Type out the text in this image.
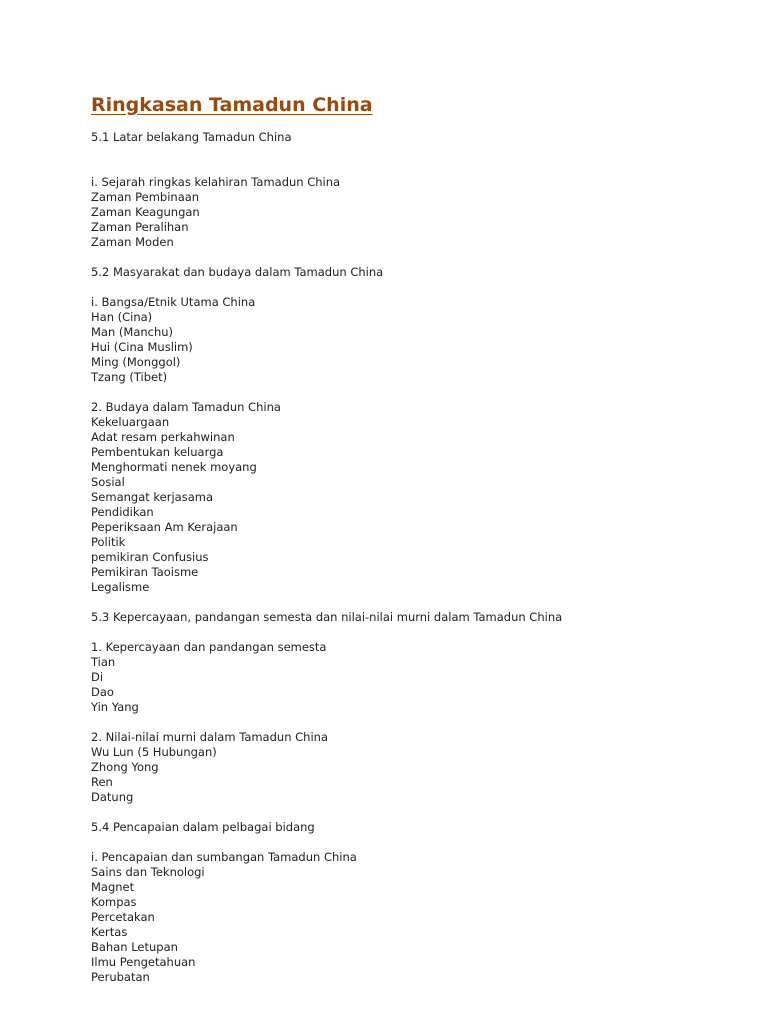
Ringkasan Tamadun China
5.1 Latar belakang Tamadun China
i. Sejarah ringkas kelahiran Tamadun China
Zaman Pembinaan
Zaman Keagungan
Zaman Peralihan
Zaman Moden
5.2 Masyarakat dan budaya dalam Tamadun China
i. Bangsa/Etnik Utama China
Han (Cina)
Man (Manchu)
Hui (Cina Muslim)
Ming (Monggol)
Tzang (Tibet)
2. Budaya dalam Tamadun China
Kekeluargaan
Adat resam perkahwinan
Pembentukan keluarga
Menghormati nenek moyang
Sosial
Semangat kerjasama
Pendidikan
Peperiksaan Am Kerajaan
Politik
pemikiran Confusius
Pemikiran Taoisme
Legalisme
5.3 Kepercayaan, pandangan semesta dan nilai-nilai murni dalam Tamadun China
1. Kepercayaan dan pandangan semesta
Tian
Di
Dao
Yin Yang
2. Nilai-nilai murni dalam Tamadun China
Wu Lun (5 Hubungan)
Zhong Yong
Ren
Datung
5.4 Pencapaian dalam pelbagai bidang
i. Pencapaian dan sumbangan Tamadun China
Sains dan Teknologi
Magnet
Kompas
Percetakan
Kertas
Bahan Letupan
Ilmu Pengetahuan
Perubatan
